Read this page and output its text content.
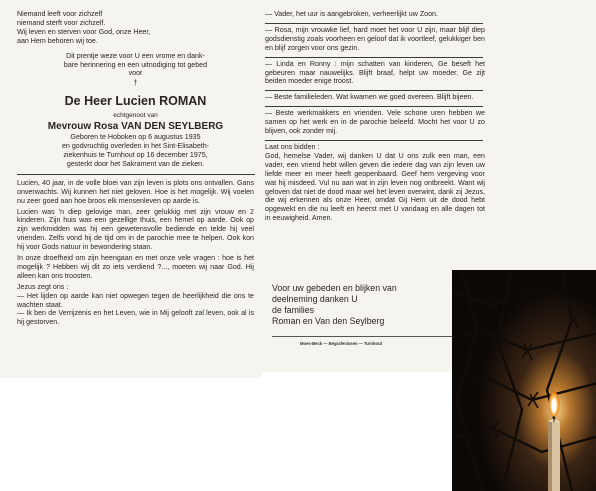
Niemand leeft voor zichzelf

niemand sterft voor zichzelf.

Wij leven en sterven voor God, onze Heer,

aan Hem behoren wij toe.

Dit prentje weze voor U een vrome en dank-

bare herinnering en een uitnodiging tot gebed

voor

†

De Heer Lucien ROMAN

echtgenoot van

Mevrouw Rosa VAN DEN SEYLBERG

Geboren te Hoboken op 6 augustus 1935

en godvruchtig overleden in het Sint-Elisabeth-

ziekenhuis te Turnhout op 16 december 1975,

gesterkt door het Sakrament van de zieken.

Lucien, 40 jaar, in de volle bloei van zijn leven is plots ons ontvallen. Gans onverwachts. Wij kunnen het niet geloven. Hoe is het mogelijk. Wij voelen nu zeer goed aan hoe broos elk mensenleven op aarde is.

Lucien was 'n diep gelovige man, zeer gelukkig met zijn vrouw en 2 kinderen. Zijn huis was een gezellige thuis, een hemel op aarde. Ook op zijn werkmidden was hij een gewetensvolle bediende en telde hij veel vrienden. Zelfs vond hij de tijd om in de parochie mee te helpen. Ook kon hij voor Gods natuur in bewondering staan.

In onze droefheid om zijn heengaan en met onze vele vragen : hoe is het mogelijk ? Hebben wij dit zo iets verdiend ?..., moeten wij naar God. Hij alleen kan ons troosten.

Jezus zegt ons :

— Het lijden op aarde kan niet opwegen tegen de heerlijkheid die ons te wachten staat.

— Ik ben de Verrijzenis en het Leven, wie in Mij gelooft zal leven, ook al is hij gestorven.

— Vader, het uur is aangebroken, verheerlijkt uw Zoon.

— Rosa, mijn vrouwke lief, hard moet het voor U zijn, maar blijf diep godsdienstig zoals voorheen en geloof dat ik voortleef, gelukkiger ben en blijf zorgen voor ons gezin.

— Linda en Ronny : mijn schatten van kinderen, Ge beseft het gebeuren maar nauwelijks. Blijft braaf, helpt uw moeder. Ge zijt beiden moeder enige troost.

— Beste familieleden. Wat kwamen we goed overeen. Blijft bijeen.

— Beste werkmakkers en vrienden. Vele schone uren hebben we samen op het werk en in de parochie beleefd. Mocht het voor U zo blijven, ook zonder mij.

Laat ons bidden :

God, hemelse Vader, wij danken U dat U ons zulk een man, een vader, een vriend hebt willen geven die iedere dag van zijn leven uw liefde meer en meer heeft geopenbaard. Geef hem vergeving voor wat hij misdeed. Vul nu aan wat in zijn leven nog ontbreekt. Want wij geloven dat niet de dood maar wel het leven overwint, dank zij Jezus, die wij erkennen als onze Heer, omdat Gij Hem uit de dood hebt opgewekt en die nu leeft en heerst met U vandaag en alle dagen tot in eeuwigheid. Amen.

Voor uw gebeden en blijken van

deelneming danken U

de families

Roman en Van den Seylberg

Moes-Beck — Begrafenissen — Turnhout
